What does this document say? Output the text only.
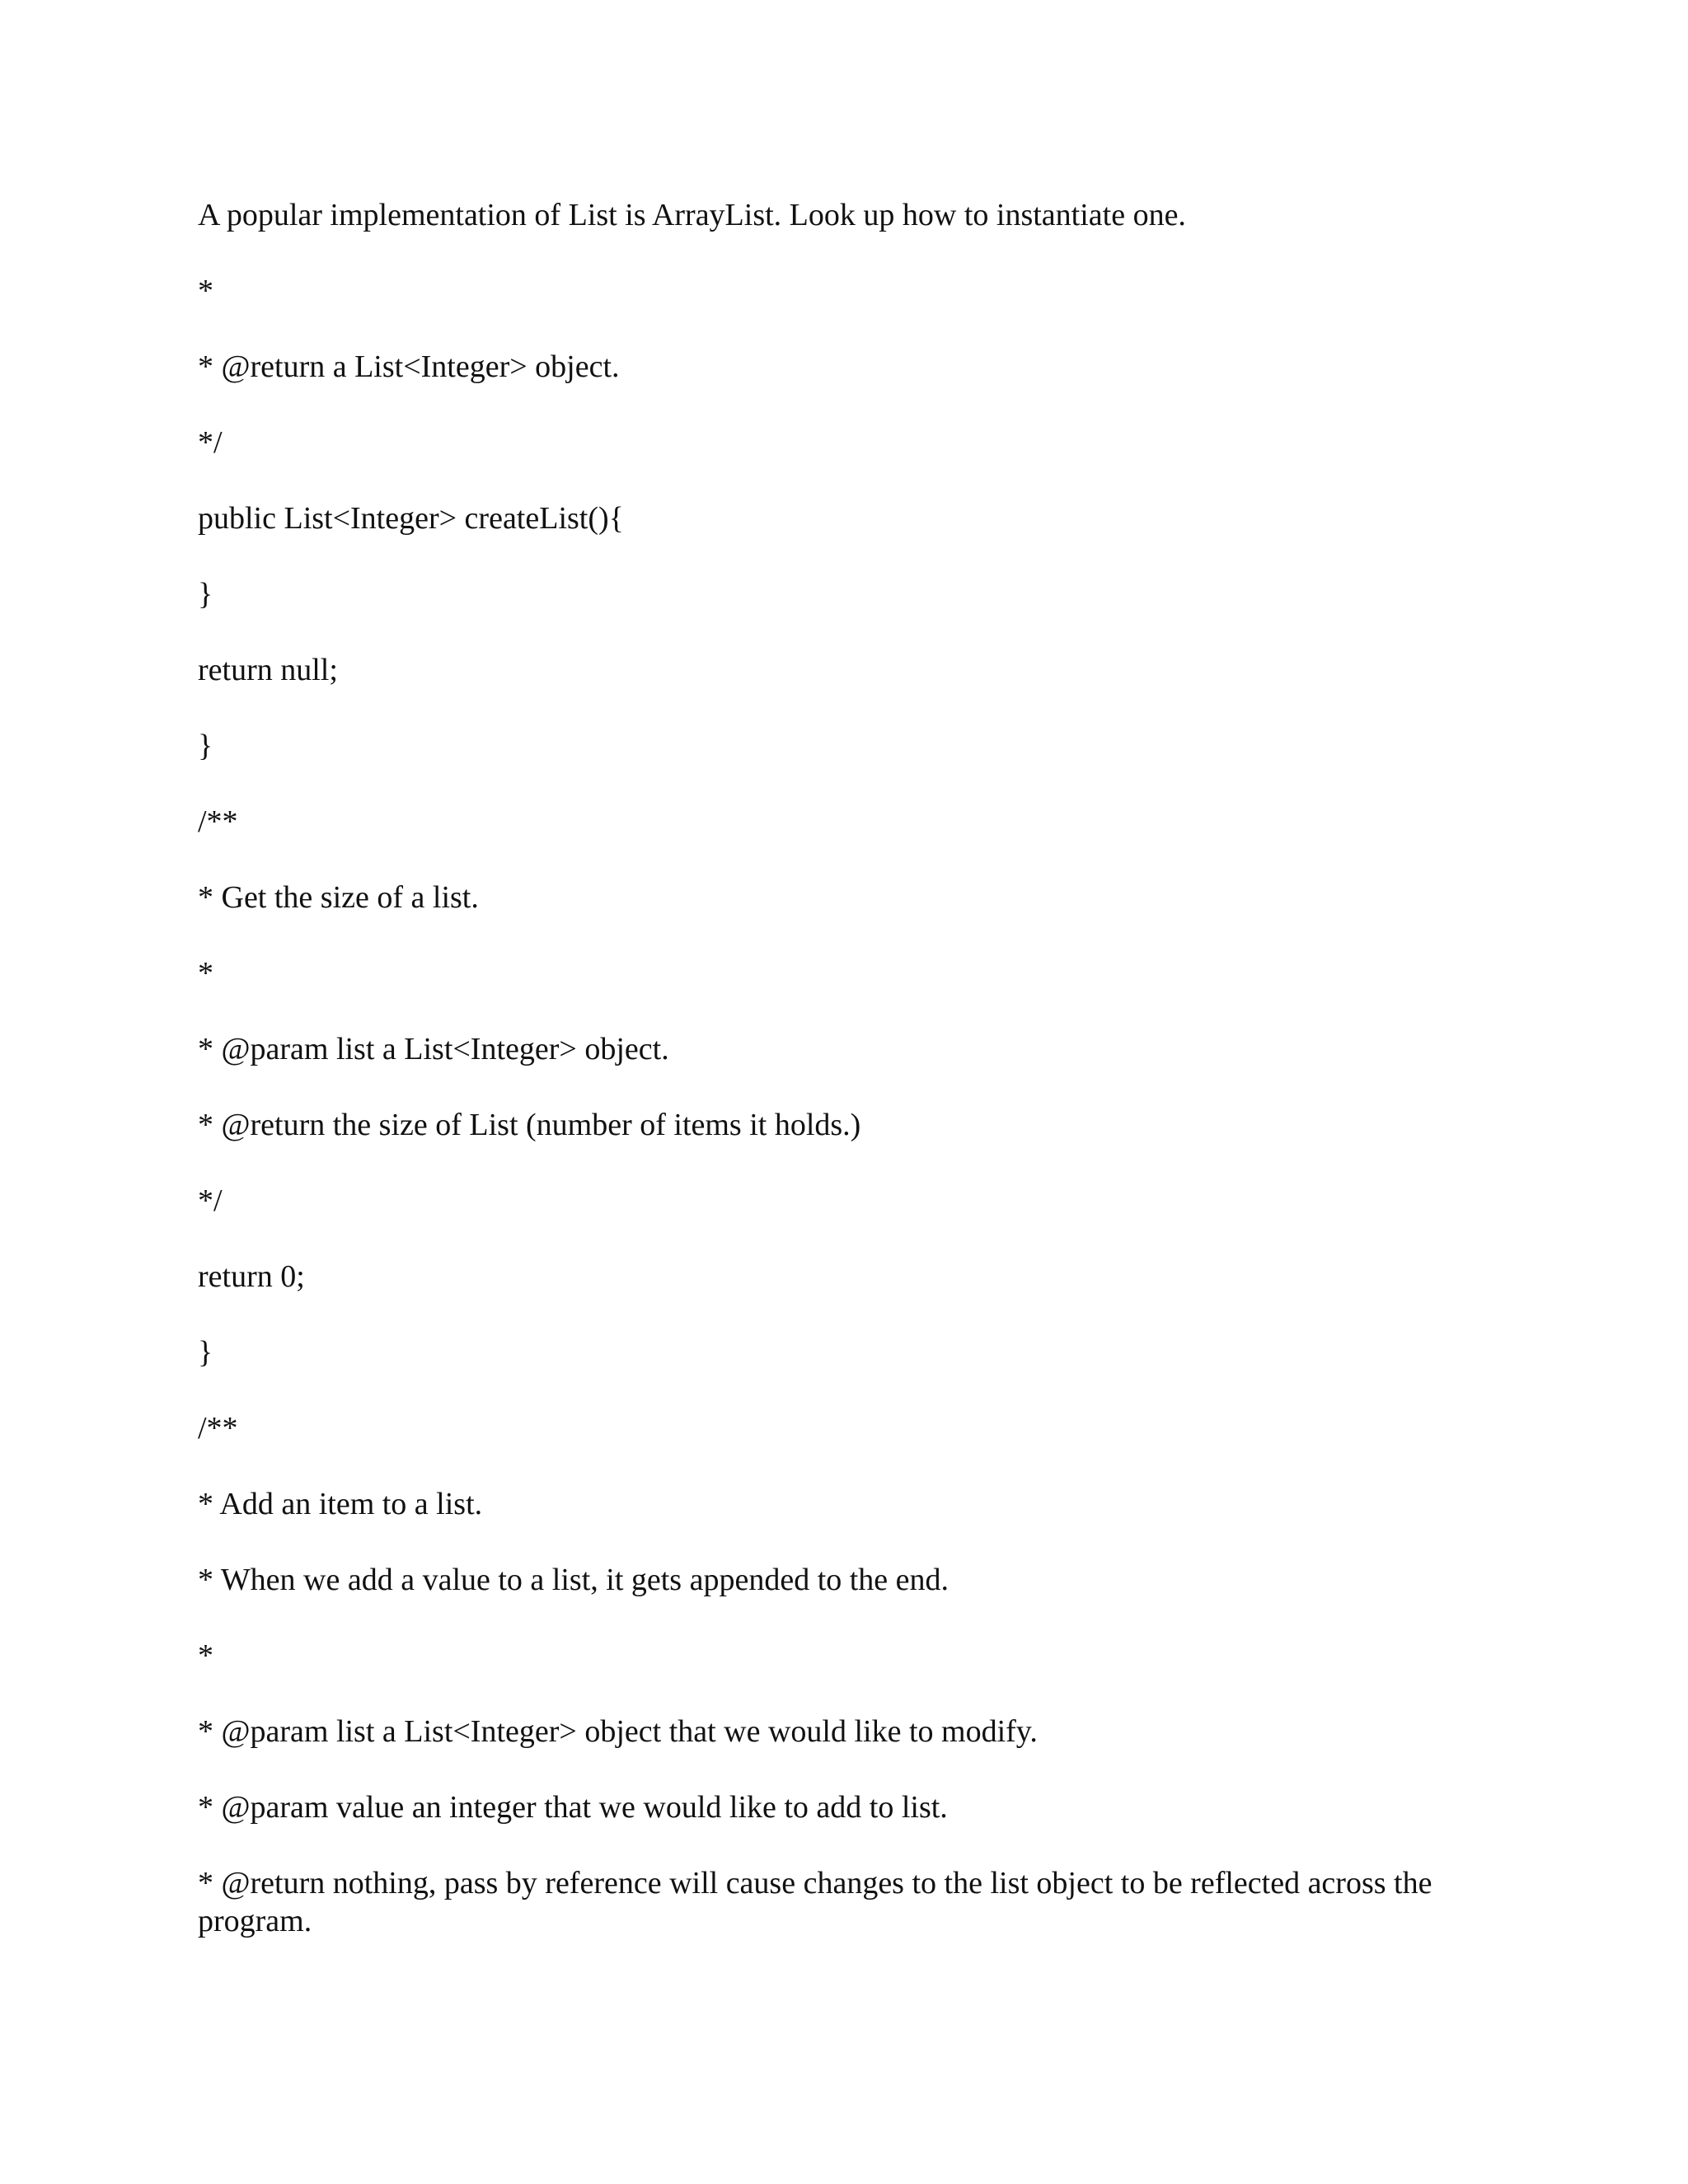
A popular implementation of List is ArrayList. Look up how to instantiate one.

*

* @return a List<Integer> object.

*/

public List<Integer> createList(){

}

return null;

}

/**

* Get the size of a list.

*

* @param list a List<Integer> object.

* @return the size of List (number of items it holds.)

*/

return 0;

}

/**

* Add an item to a list.

* When we add a value to a list, it gets appended to the end.

*

* @param list a List<Integer> object that we would like to modify.

* @param value an integer that we would like to add to list.

* @return nothing, pass by reference will cause changes to the list object to be reflected across the program.
